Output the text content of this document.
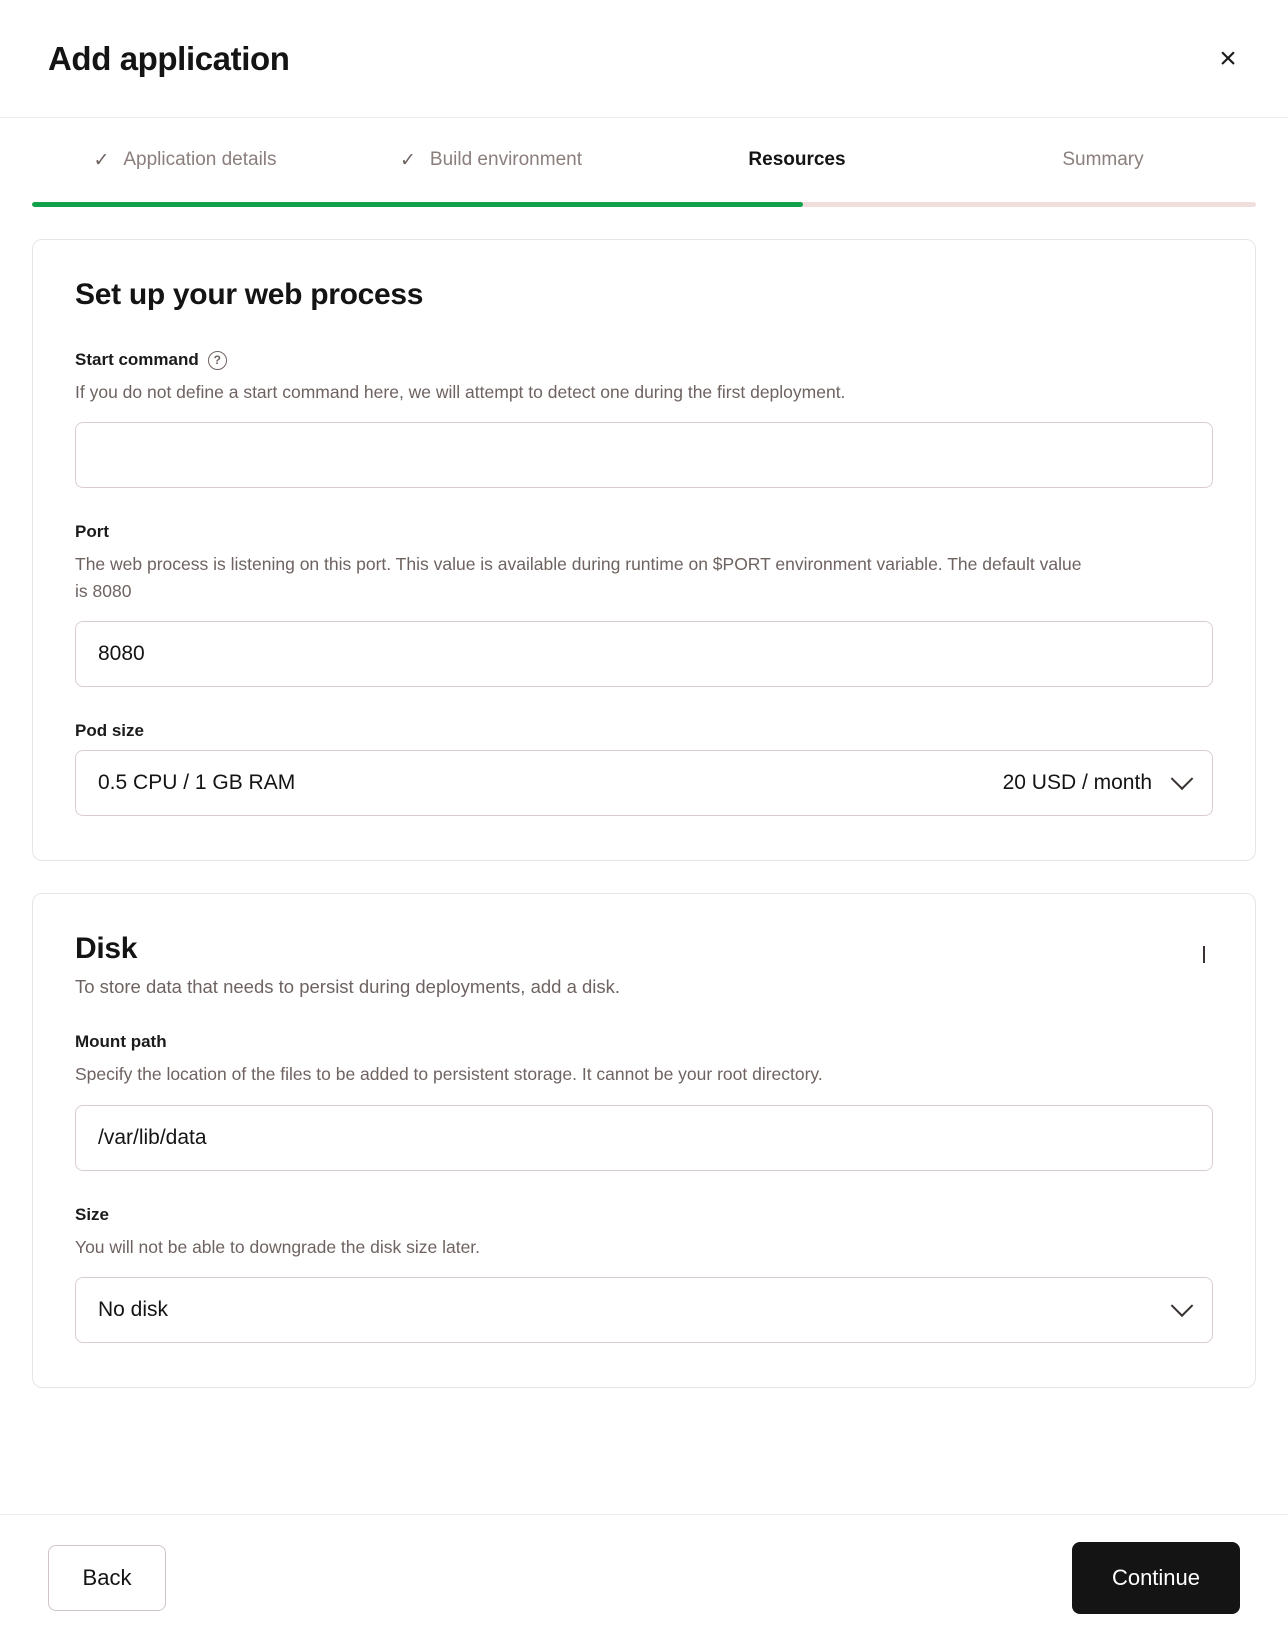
Add application	×
✓ Application details	✓ Build environment	Resources	Summary
Set up your web process
Start command	?
If you do not define a start command here, we will attempt to detect one during the first deployment.
Port
The web process is listening on this port. This value is available during runtime on $PORT environment variable. The default value is 8080
8080
Pod size
0.5 CPU / 1 GB RAM	20 USD / month
Disk

To store data that needs to persist during deployments, add a disk.

Mount path
Specify the location of the files to be added to persistent storage. It cannot be your root directory.
/var/lib/data
Size
You will not be able to downgrade the disk size later.
No disk
Back	Continue
